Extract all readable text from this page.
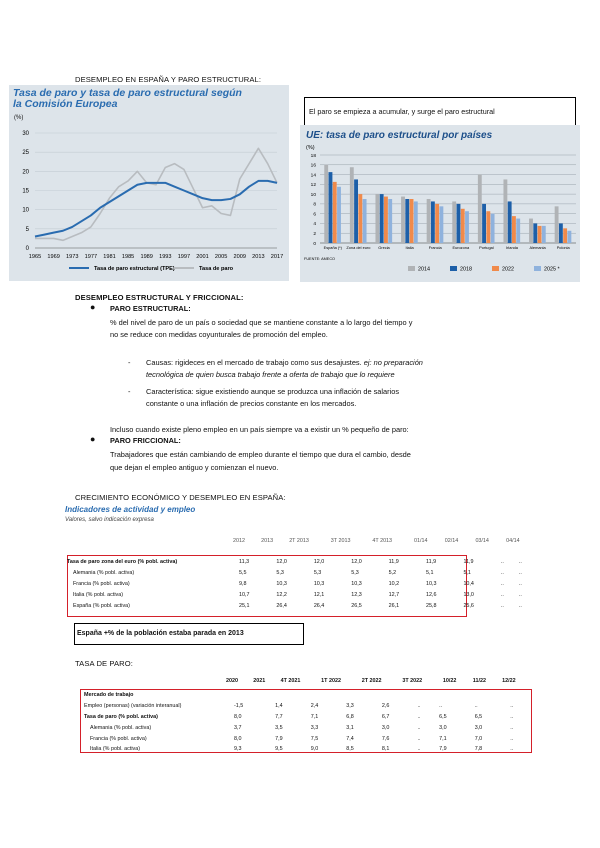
DESEMPLEO EN ESPAÑA Y PARO ESTRUCTURAL:
Tasa de paro y tasa de paro estructural según
la Comisión Europea
(%)
0
5
10
15
20
25
30
1965 1969 1973 1977 1981 1985 1989 1993 1997 2001 2005 2009 2013 2017
Tasa de paro estructural (TPE)	Tasa de paro
El paro se empieza a acumular, y surge el paro estructural
UE: tasa de paro estructural por países
(%)
0
2
4
6
8
10
12
14
16
18
España (*) Zona del euro Grecia	Italia	Francia	Eurozona	Portugal	Irlanda	Alemania	Polonia
FUENTE: AMECO
2014	2018	2022	2025 *
DESEMPLEO ESTRUCTURAL Y FRICCIONAL:
● PARO ESTRUCTURAL:
% del nivel de paro de un país o sociedad que se mantiene constante a lo largo del tiempo y
no se reduce con medidas coyunturales de promoción del empleo.
- Causas: rigideces en el mercado de trabajo como sus desajustes. ej: no preparación
tecnológica de quien busca trabajo frente a oferta de trabajo que lo requiere
- Característica: sigue existiendo aunque se produzca una inflación de salarios
constante o una inflación de precios constante en los mercados.
Incluso cuando existe pleno empleo en un país siempre va a existir un % pequeño de paro:
● PARO FRICCIONAL:
Trabajadores que están cambiando de empleo durante el tiempo que dura el cambio, desde
que dejan el empleo antiguo y comienzan el nuevo.
CRECIMIENTO ECONÓMICO Y DESEMPLEO EN ESPAÑA:
Indicadores de actividad y empleo
Valores, salvo indicación expresa
	2012	2013	2T 2013	3T 2013	4T 2013	01/14	02/14	03/14	04/14
Tasa de paro zona del euro (% pobl. activa)	11,3	12,0	12,0	12,0	11,9	11,9	11,9	..	..
Alemania (% pobl. activa)	5,5	5,3	5,3	5,3	5,2	5,1	5,1	..	..
Francia (% pobl. activa)	9,8	10,3	10,3	10,3	10,2	10,3	10,4	..	..
Italia (% pobl. activa)	10,7	12,2	12,1	12,3	12,7	12,6	13,0	..	..
España (% pobl. activa)	25,1	26,4	26,4	26,5	26,1	25,8	25,6	..	..
España +% de la población estaba parada en 2013
TASA DE PARO:
	2020	2021	4T 2021	1T 2022	2T 2022	3T 2022	10/22	11/22	12/22
Mercado de trabajo									
Empleo (personas) (variación interanual)	-1,5	1,4	2,4	3,3	2,6	..	..	..	..
Tasa de paro (% pobl. activa)	8,0	7,7	7,1	6,8	6,7	..	6,5	6,5	..
Alemania (% pobl. activa)	3,7	3,5	3,3	3,1	3,0	..	3,0	3,0	..
Francia (% pobl. activa)	8,0	7,9	7,5	7,4	7,6	..	7,1	7,0	..
Italia (% pobl. activa)	9,3	9,5	9,0	8,5	8,1	..	7,9	7,8	..
